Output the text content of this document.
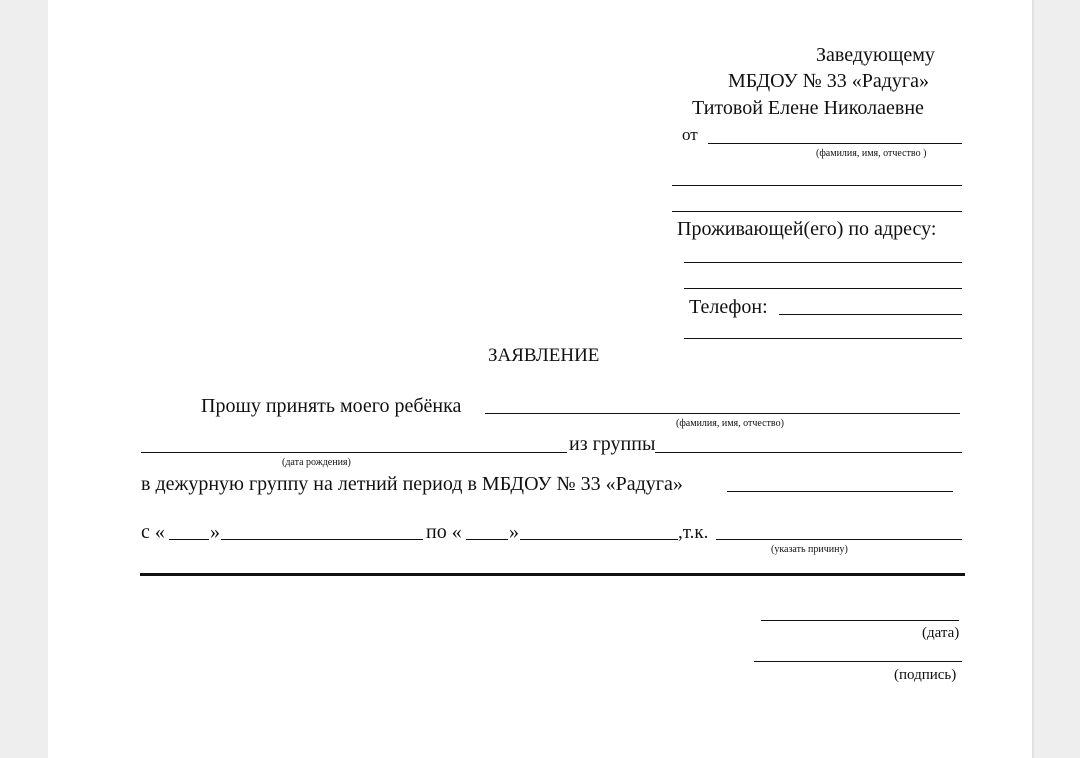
Заведующему
МБДОУ № 33 «Радуга»
Титовой Елене Николаевне
от
(фамилия, имя, отчество )
Проживающей(его) по адресу:
Телефон:
ЗАЯВЛЕНИЕ
Прошу принять моего ребёнка
(фамилия, имя, отчество)
из группы
(дата рождения)
в дежурную группу на летний период в МБДОУ № 33 «Радуга»
с « »	по « »	,т.к.
(указать причину)
(дата)
(подпись)
